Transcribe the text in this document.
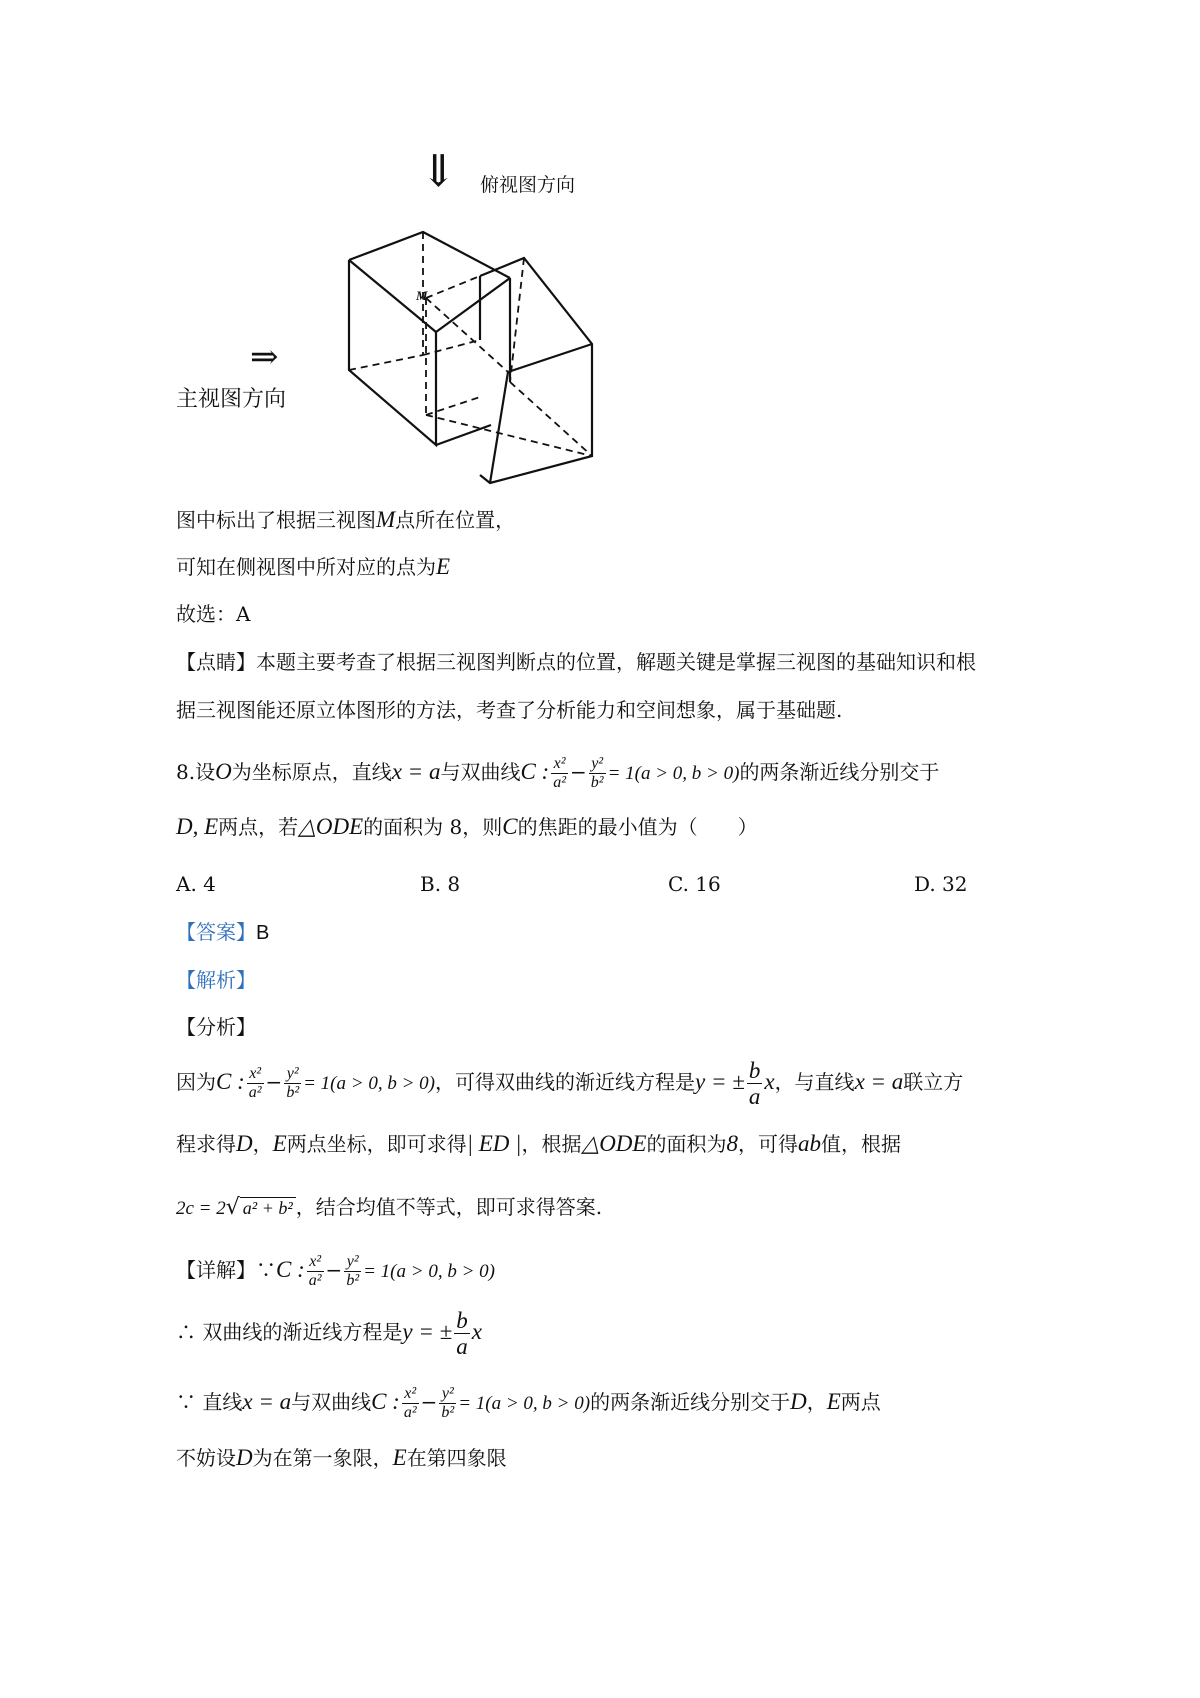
⇓ 俯视图方向
⇒
主视图方向
M
图中标出了根据三视图M点所在位置，
可知在侧视图中所对应的点为E
故选：A
【点睛】本题主要考查了根据三视图判断点的位置，解题关键是掌握三视图的基础知识和根
据三视图能还原立体图形的方法，考查了分析能力和空间想象，属于基础题.
8.设O为坐标原点，直线x = a与双曲线C : $\frac{\text{x²}}{\text{a²}} - \frac{\text{y²}}{\text{b²}} = 1(a > 0$, b > 0)的两条渐近线分别交于
D, E两点，若△ODE的面积为 8，则C的焦距的最小值为（　　）
A. 4	B. 8	C. 16	D. 32
【答案】B
【解析】
【分析】
因为C : $\frac{\text{x²}}{\text{a²}} - \frac{\text{y²}}{\text{b²}} = 1(a > 0$, b > 0)，可得双曲线的渐近线方程是y = ± $\frac{b}{a}$ x，与直线x = a联立方
程求得D，E两点坐标，即可求得| ED |，根据△ODE的面积为8，可得ab值，根据
2c = 2√ a² + b² ，结合均值不等式，即可求得答案.
【详解】∵C : $\frac{\text{x²}}{\text{a²}} - \frac{\text{y²}}{\text{b²}} = 1(a > 0$, b > 0)
∴ 双曲线的渐近线方程是y = ± $\frac{b}{a}$ x
∵ 直线x = a与双曲线C : $\frac{\text{x²}}{\text{a²}} - \frac{\text{y²}}{\text{b²}} = 1(a > 0$, b > 0)的两条渐近线分别交于D，E两点
不妨设D为在第一象限，E在第四象限
